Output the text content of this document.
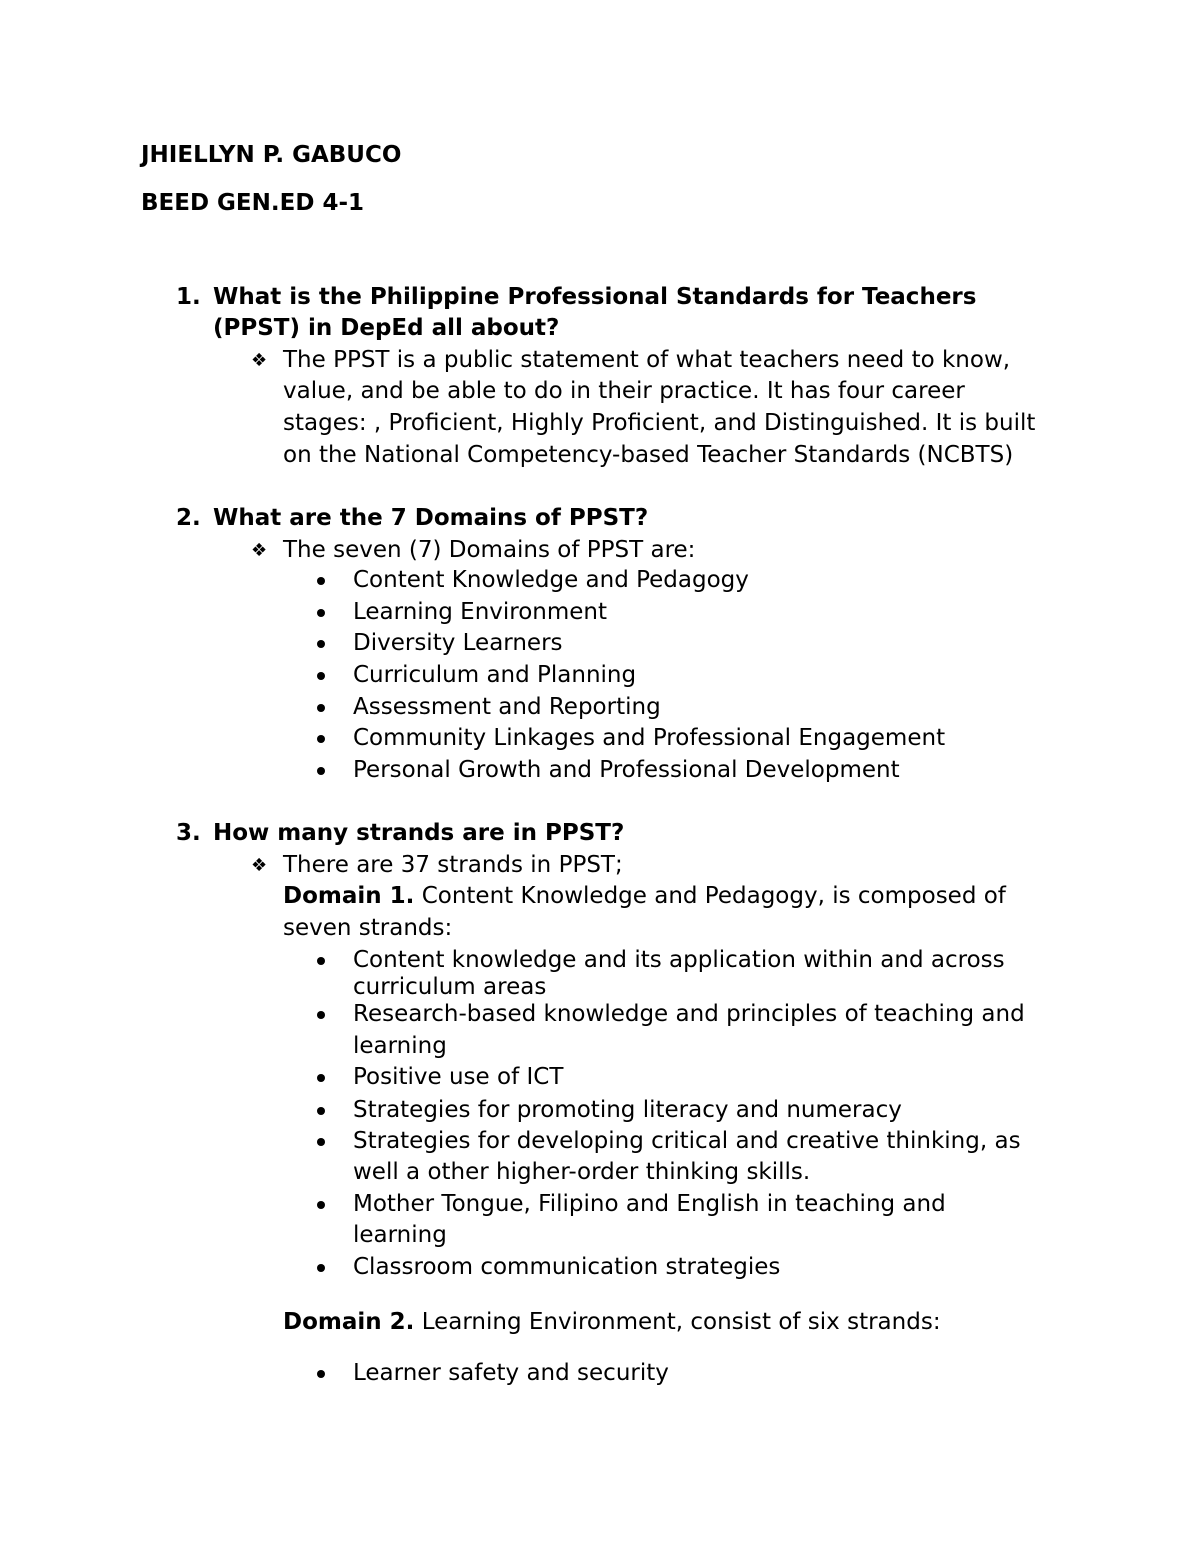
JHIELLYN P. GABUCO
BEED GEN.ED 4-1
1. What is the Philippine Professional Standards for Teachers
(PPST) in DepEd all about?
❖ The PPST is a public statement of what teachers need to know,
value, and be able to do in their practice. It has four career
stages: , Proficient, Highly Proficient, and Distinguished. It is built
on the National Competency-based Teacher Standards (NCBTS)
2. What are the 7 Domains of PPST?
❖ The seven (7) Domains of PPST are:
Content Knowledge and Pedagogy
Learning Environment
Diversity Learners
Curriculum and Planning
Assessment and Reporting
Community Linkages and Professional Engagement
Personal Growth and Professional Development
3. How many strands are in PPST?
❖ There are 37 strands in PPST;
Domain 1. Content Knowledge and Pedagogy, is composed of
seven strands:
Content knowledge and its application within and across
curriculum areas
Research-based knowledge and principles of teaching and
learning
Positive use of ICT
Strategies for promoting literacy and numeracy
Strategies for developing critical and creative thinking, as
well a other higher-order thinking skills.
Mother Tongue, Filipino and English in teaching and
learning
Classroom communication strategies
Domain 2. Learning Environment, consist of six strands:
Learner safety and security
